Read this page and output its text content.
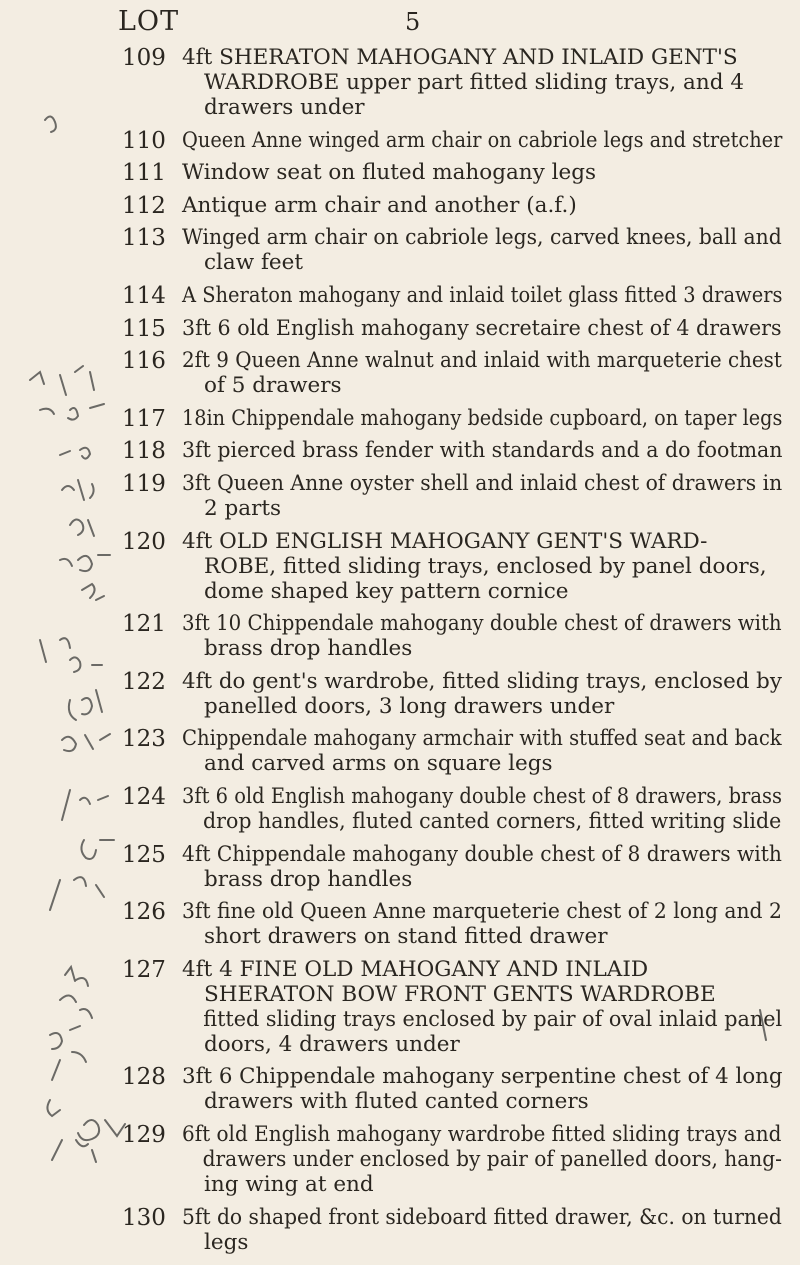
LOT	5
109 4ft SHERATON MAHOGANY AND INLAID GENT'S
WARDROBE upper part fitted sliding trays, and 4
drawers under
110 Queen Anne winged arm chair on cabriole legs and stretcher
111 Window seat on fluted mahogany legs
112 Antique arm chair and another (a.f.)
113 Winged arm chair on cabriole legs, carved knees, ball and
claw feet
114 A Sheraton mahogany and inlaid toilet glass fitted 3 drawers
115 3ft 6 old English mahogany secretaire chest of 4 drawers
116 2ft 9 Queen Anne walnut and inlaid with marqueterie chest
of 5 drawers
117 18in Chippendale mahogany bedside cupboard, on taper legs
118 3ft pierced brass fender with standards and a do footman
119 3ft Queen Anne oyster shell and inlaid chest of drawers in
2 parts
120 4ft OLD ENGLISH MAHOGANY GENT'S WARD-
ROBE, fitted sliding trays, enclosed by panel doors,
dome shaped key pattern cornice
121 3ft 10 Chippendale mahogany double chest of drawers with
brass drop handles
122 4ft do gent's wardrobe, fitted sliding trays, enclosed by
panelled doors, 3 long drawers under
123 Chippendale mahogany armchair with stuffed seat and back
and carved arms on square legs
124 3ft 6 old English mahogany double chest of 8 drawers, brass
drop handles, fluted canted corners, fitted writing slide
125 4ft Chippendale mahogany double chest of 8 drawers with
brass drop handles
126 3ft fine old Queen Anne marqueterie chest of 2 long and 2
short drawers on stand fitted drawer
127 4ft 4 FINE OLD MAHOGANY AND INLAID
SHERATON BOW FRONT GENTS WARDROBE
fitted sliding trays enclosed by pair of oval inlaid panel
doors, 4 drawers under
128 3ft 6 Chippendale mahogany serpentine chest of 4 long
drawers with fluted canted corners
129 6ft old English mahogany wardrobe fitted sliding trays and
drawers under enclosed by pair of panelled doors, hang-
ing wing at end
130 5ft do shaped front sideboard fitted drawer, &c. on turned
legs
